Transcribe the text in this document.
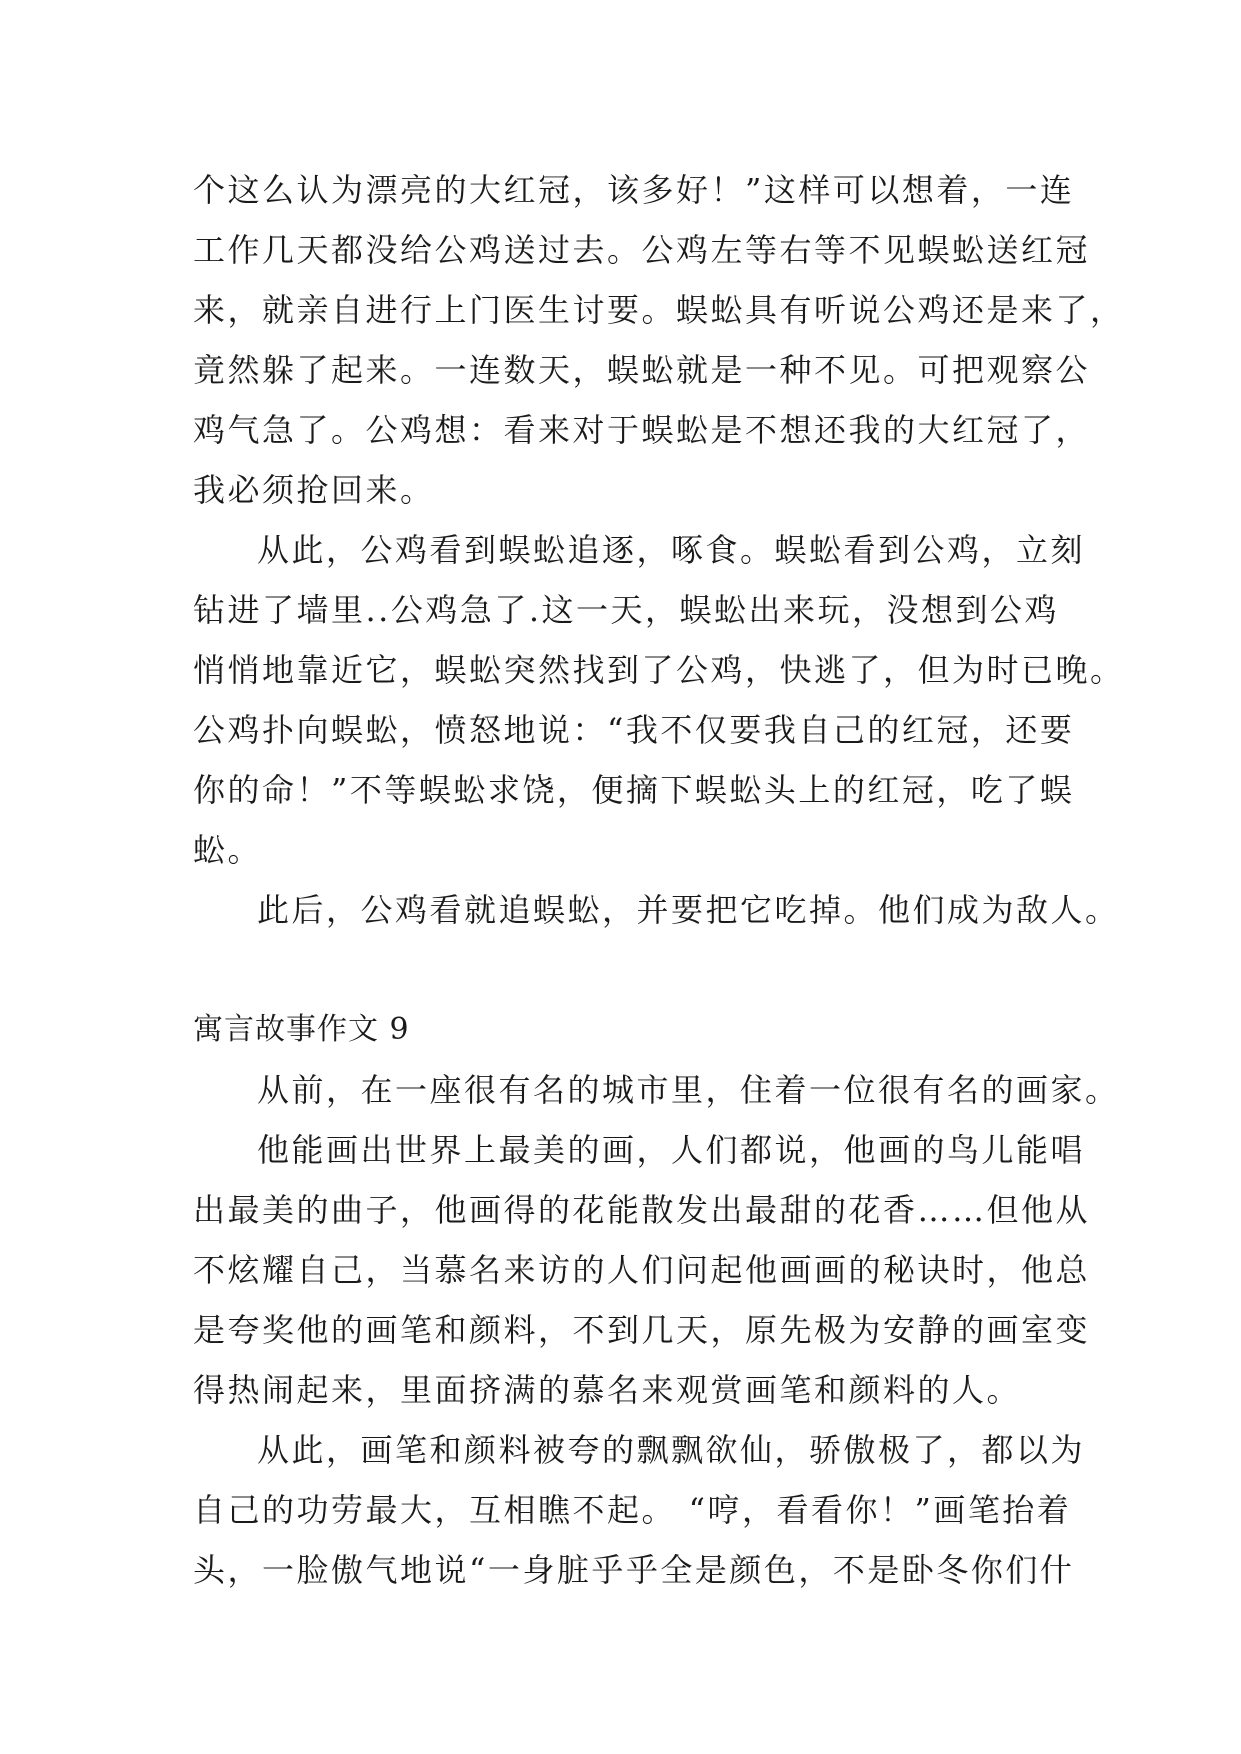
个这么认为漂亮的大红冠，该多好！”这样可以想着，一连
工作几天都没给公鸡送过去。公鸡左等右等不见蜈蚣送红冠
来，就亲自进行上门医生讨要。蜈蚣具有听说公鸡还是来了，
竟然躲了起来。一连数天，蜈蚣就是一种不见。可把观察公
鸡气急了。公鸡想：看来对于蜈蚣是不想还我的大红冠了，
我必须抢回来。
从此，公鸡看到蜈蚣追逐，啄食。蜈蚣看到公鸡，立刻
钻进了墙里..公鸡急了.这一天，蜈蚣出来玩，没想到公鸡
悄悄地靠近它，蜈蚣突然找到了公鸡，快逃了，但为时已晚。
公鸡扑向蜈蚣，愤怒地说：“我不仅要我自己的红冠，还要
你的命！”不等蜈蚣求饶，便摘下蜈蚣头上的红冠，吃了蜈
蚣。
此后，公鸡看就追蜈蚣，并要把它吃掉。他们成为敌人。
寓言故事作文 9
从前，在一座很有名的城市里，住着一位很有名的画家。
他能画出世界上最美的画，人们都说，他画的鸟儿能唱
出最美的曲子，他画得的花能散发出最甜的花香……但他从
不炫耀自己，当慕名来访的人们问起他画画的秘诀时，他总
是夸奖他的画笔和颜料，不到几天，原先极为安静的画室变
得热闹起来，里面挤满的慕名来观赏画笔和颜料的人。
从此，画笔和颜料被夸的飘飘欲仙，骄傲极了，都以为
自己的功劳最大，互相瞧不起。 “哼，看看你！”画笔抬着
头，一脸傲气地说“一身脏乎乎全是颜色，不是卧冬你们什
